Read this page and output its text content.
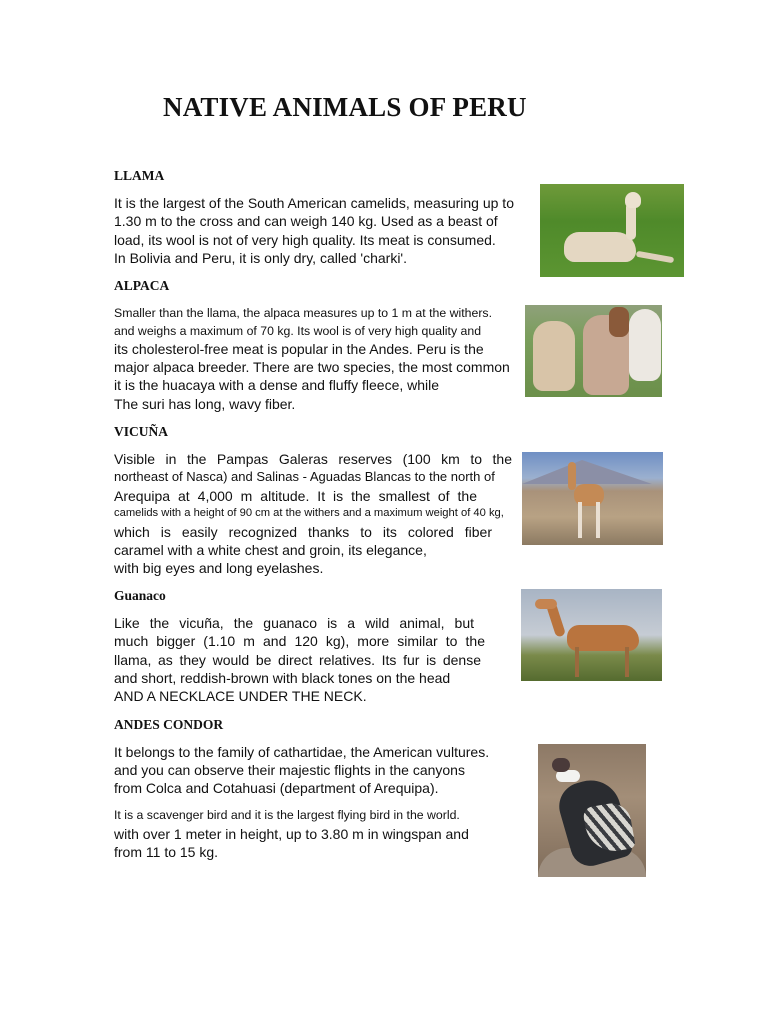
NATIVE ANIMALS OF PERU
LLAMA
It is the largest of the South American camelids, measuring up to
1.30 m to the cross and can weigh 140 kg. Used as a beast of
load, its wool is not of very high quality. Its meat is consumed.
In Bolivia and Peru, it is only dry, called 'charki'.
ALPACA
Smaller than the llama, the alpaca measures up to 1 m at the withers.
and weighs a maximum of 70 kg. Its wool is of very high quality and
its cholesterol-free meat is popular in the Andes. Peru is the
major alpaca breeder. There are two species, the most common
it is the huacaya with a dense and fluffy fleece, while
The suri has long, wavy fiber.
VICUÑA
Visible in the Pampas Galeras reserves (100 km to the
northeast of Nasca) and Salinas - Aguadas Blancas to the north of
Arequipa at 4,000 m altitude. It is the smallest of the
camelids with a height of 90 cm at the withers and a maximum weight of 40 kg,
which is easily recognized thanks to its colored fiber
caramel with a white chest and groin, its elegance,
with big eyes and long eyelashes.
Guanaco
Like the vicuña, the guanaco is a wild animal, but
much bigger (1.10 m and 120 kg), more similar to the
llama, as they would be direct relatives. Its fur is dense
and short, reddish-brown with black tones on the head
AND A NECKLACE UNDER THE NECK.
ANDES CONDOR
It belongs to the family of cathartidae, the American vultures.
and you can observe their majestic flights in the canyons
from Colca and Cotahuasi (department of Arequipa).
It is a scavenger bird and it is the largest flying bird in the world.
with over 1 meter in height, up to 3.80 m in wingspan and
from 11 to 15 kg.
